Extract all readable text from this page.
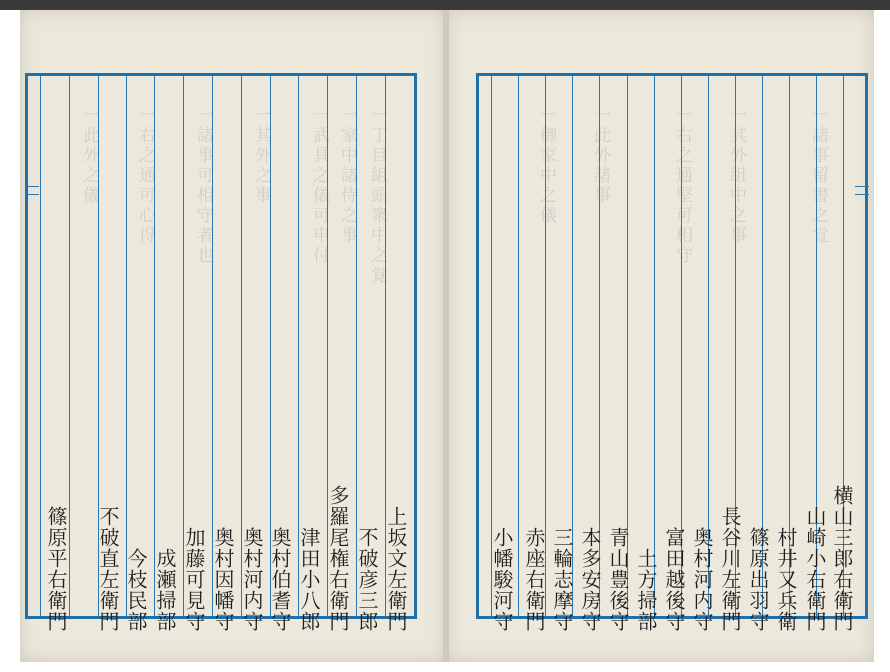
一丁目組頭衆中之覚
一家中諸侍之事
一武具之儀可申付
一其外之事
一諸事可相守者也
一右之通可心得
一此外之儀	一諸事留書之覚
一其外組中之事
一右之通堅可相守
一此外諸事
一御家中之儀
上坂文左衛門
不破彦三郎
多羅尾権右衛門
津田小八郎
奥村伯耆守
奥村河内守
奥村因幡守
加藤可見守
成瀬掃部
今枝民部
不破直左衛門
篠原平右衛門	横山三郎右衛門
山崎小右衛門
村井又兵衛
篠原出羽守
長谷川左衛門
奥村河内守
富田越後守
土方掃部
青山豊後守
本多安房守
三輪志摩守
赤座右衛門
小幡駿河守
